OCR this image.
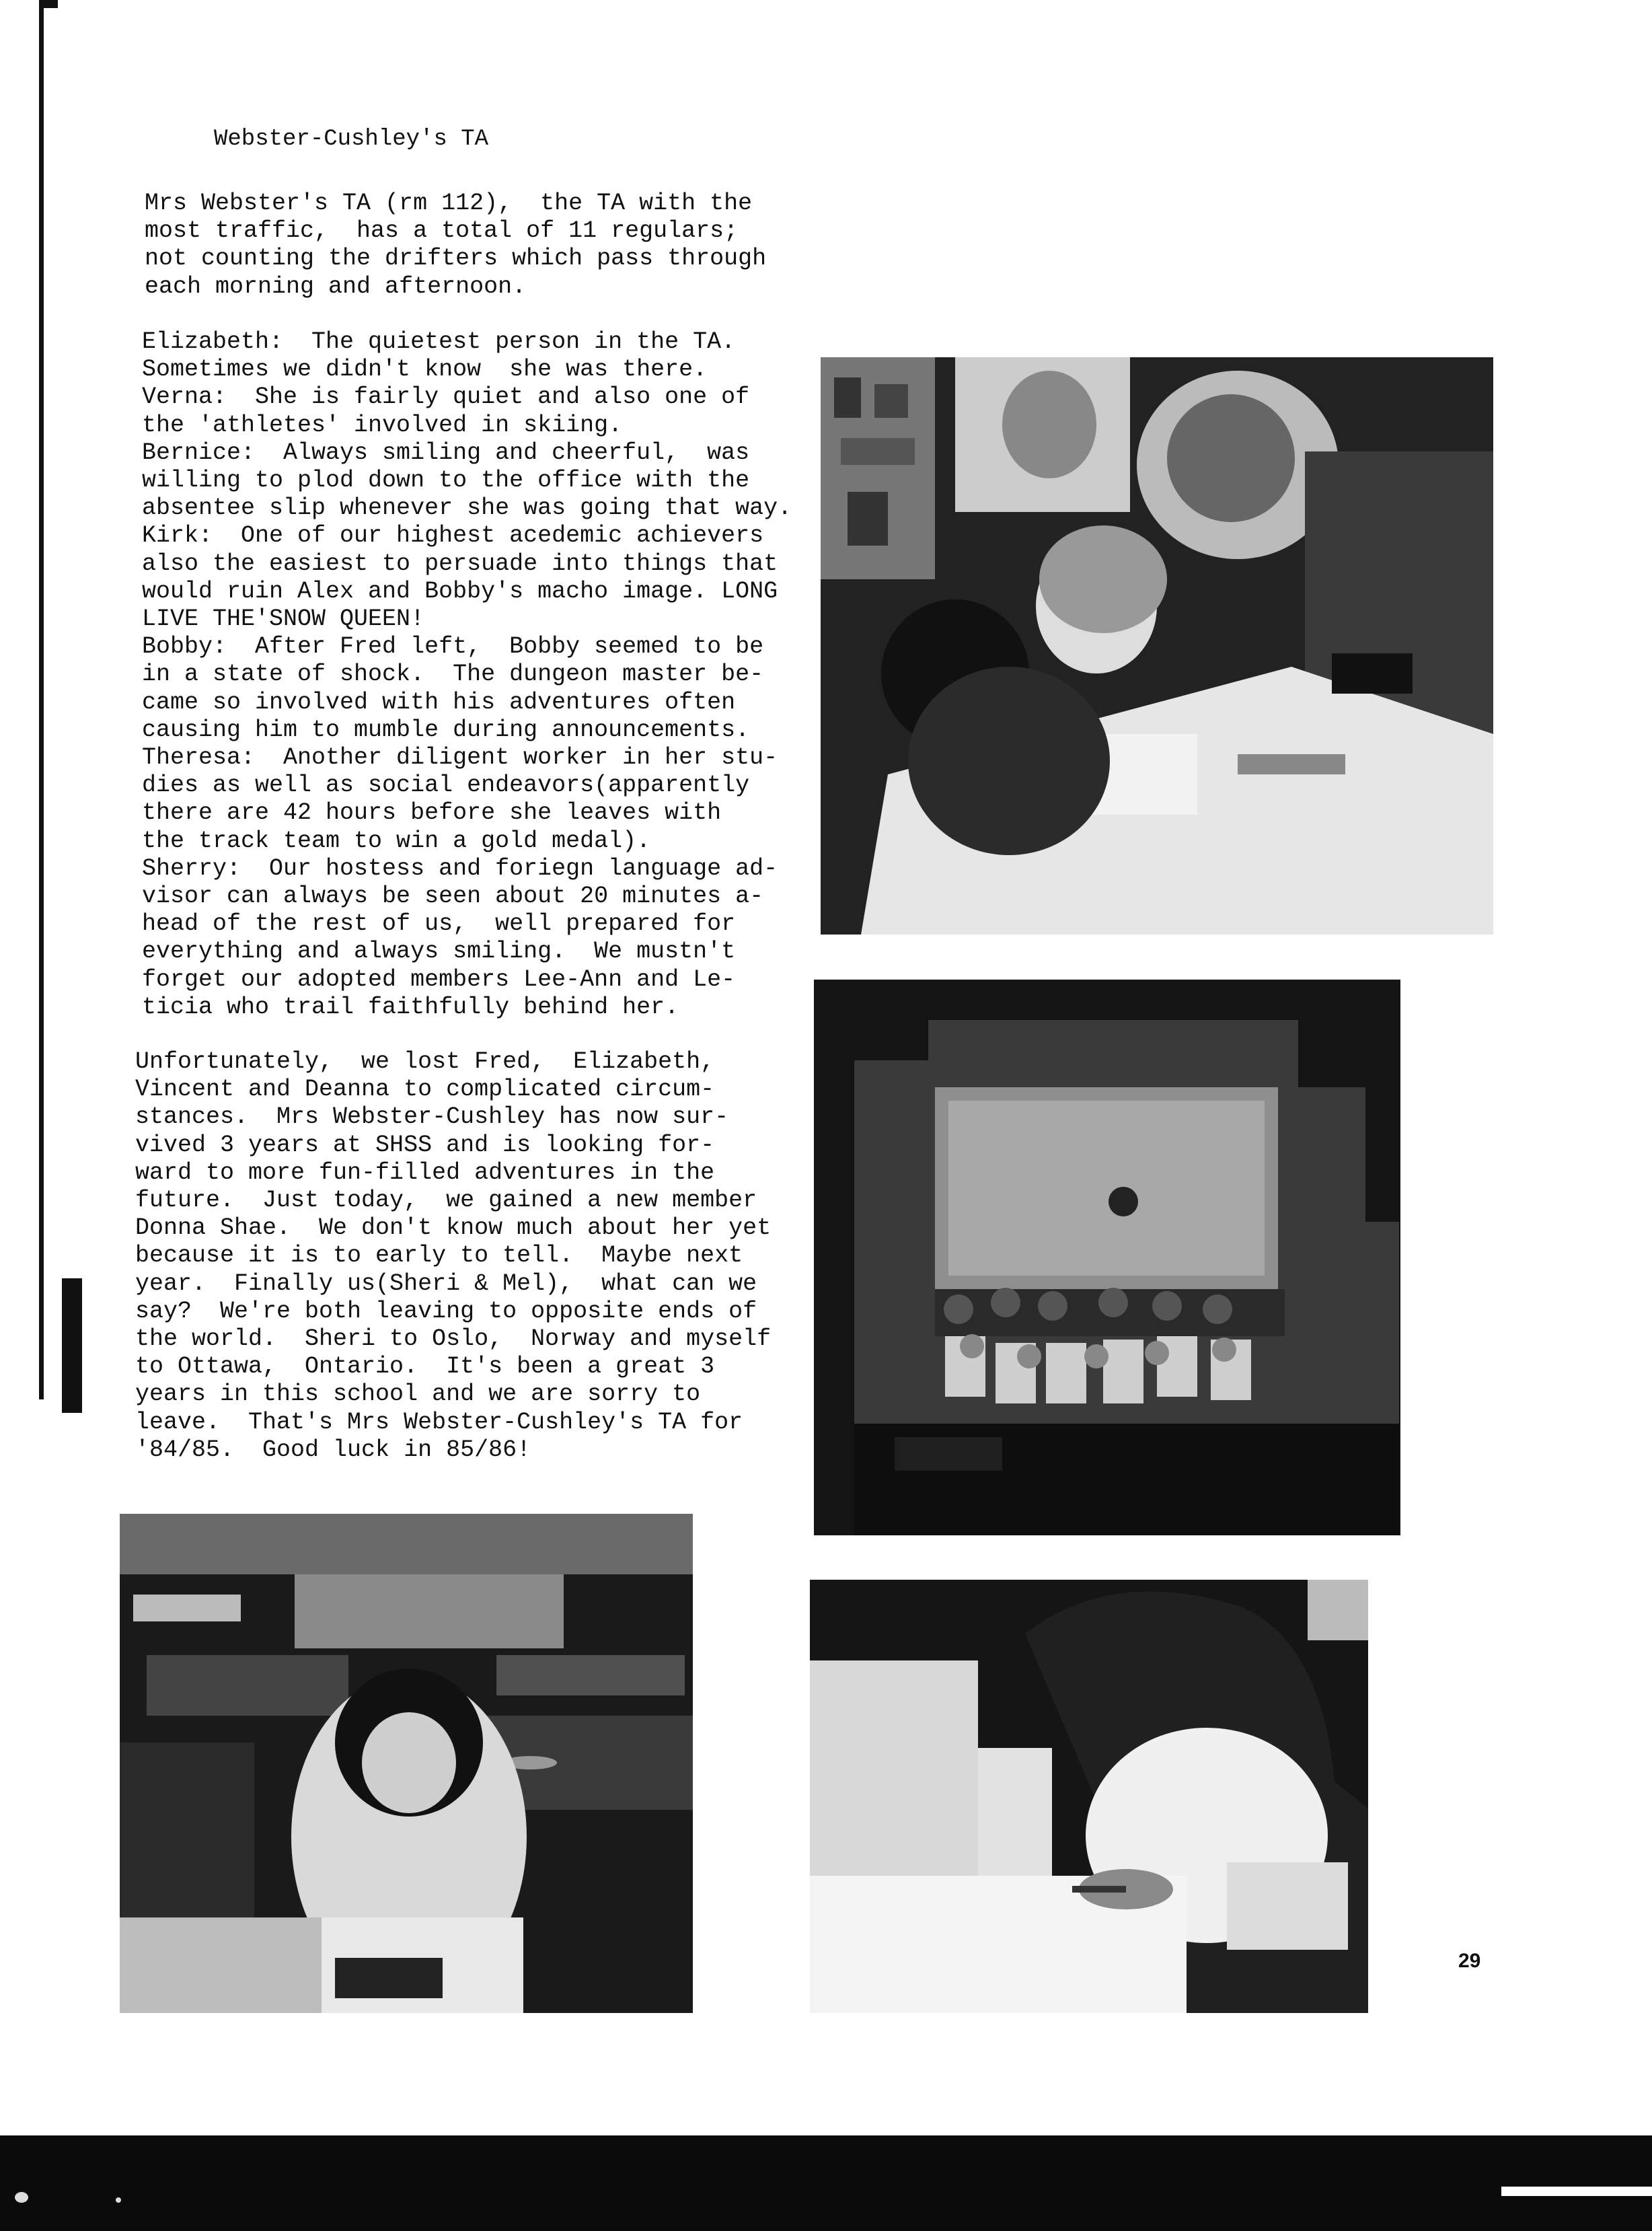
Webster-Cushley's TA

Mrs Webster's TA (rm 112),  the TA with the
most traffic,  has a total of 11 regulars;
not counting the drifters which pass through
each morning and afternoon.

Elizabeth:  The quietest person in the TA.
Sometimes we didn't know  she was there.
Verna:  She is fairly quiet and also one of
the 'athletes' involved in skiing.
Bernice:  Always smiling and cheerful,  was
willing to plod down to the office with the
absentee slip whenever she was going that way.
Kirk:  One of our highest acedemic achievers
also the easiest to persuade into things that
would ruin Alex and Bobby's macho image. LONG
LIVE THE'SNOW QUEEN!
Bobby:  After Fred left,  Bobby seemed to be
in a state of shock.  The dungeon master be-
came so involved with his adventures often
causing him to mumble during announcements.
Theresa:  Another diligent worker in her stu-
dies as well as social endeavors(apparently
there are 42 hours before she leaves with
the track team to win a gold medal).
Sherry:  Our hostess and foriegn language ad-
visor can always be seen about 20 minutes a-
head of the rest of us,  well prepared for
everything and always smiling.  We mustn't
forget our adopted members Lee-Ann and Le-
ticia who trail faithfully behind her.

Unfortunately,  we lost Fred,  Elizabeth,
Vincent and Deanna to complicated circum-
stances.  Mrs Webster-Cushley has now sur-
vived 3 years at SHSS and is looking for-
ward to more fun-filled adventures in the
future.  Just today,  we gained a new member
Donna Shae.  We don't know much about her yet
because it is to early to tell.  Maybe next
year.  Finally us(Sheri & Mel),  what can we
say?  We're both leaving to opposite ends of
the world.  Sheri to Oslo,  Norway and myself
to Ottawa,  Ontario.  It's been a great 3
years in this school and we are sorry to
leave.  That's Mrs Webster-Cushley's TA for
'84/85.  Good luck in 85/86!

29
